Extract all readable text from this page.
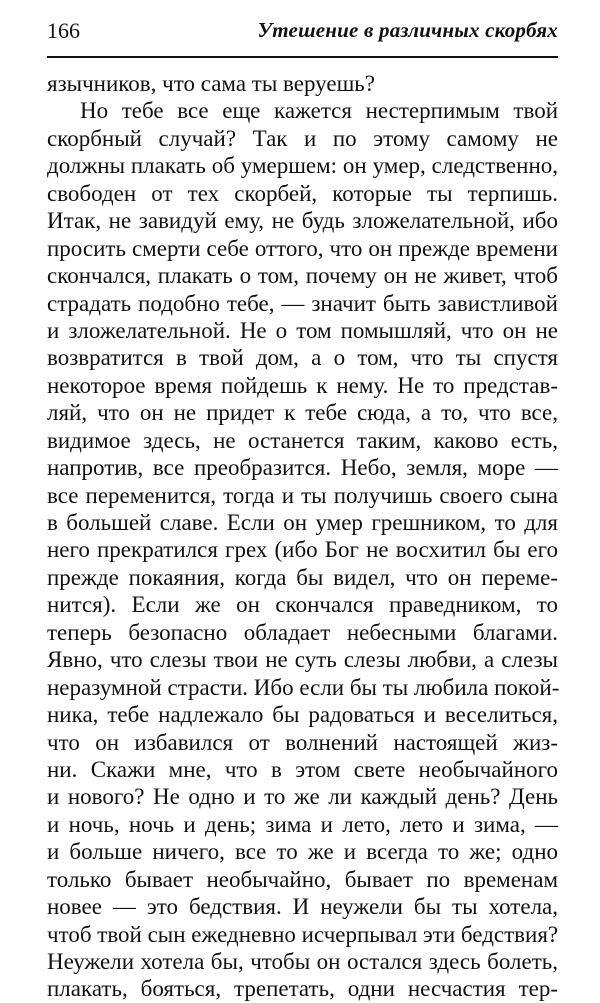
166	Утешение в различных скорбях
язычников, что сама ты веруешь?
Но тебе все еще кажется нестерпимым твой
скорбный случай? Так и по этому самому не
должны плакать об умершем: он умер, следственно,
свободен от тех скорбей, которые ты терпишь.
Итак, не завидуй ему, не будь зложелательной, ибо
просить смерти себе оттого, что он прежде времени
скончался, плакать о том, почему он не живет, чтоб
страдать подобно тебе, — значит быть завистливой
и зложелательной. Не о том помышляй, что он не
возвратится в твой дом, а о том, что ты спустя
некоторое время пойдешь к нему. Не то представ-
ляй, что он не придет к тебе сюда, а то, что все,
видимое здесь, не останется таким, каково есть,
напротив, все преобразится. Небо, земля, море —
все переменится, тогда и ты получишь своего сына
в большей славе. Если он умер грешником, то для
него прекратился грех (ибо Бог не восхитил бы его
прежде покаяния, когда бы видел, что он переме-
нится). Если же он скончался праведником, то
теперь безопасно обладает небесными благами.
Явно, что слезы твои не суть слезы любви, а слезы
неразумной страсти. Ибо если бы ты любила покой-
ника, тебе надлежало бы радоваться и веселиться,
что он избавился от волнений настоящей жиз-
ни. Скажи мне, что в этом свете необычайного
и нового? Не одно и то же ли каждый день? День
и ночь, ночь и день; зима и лето, лето и зима, —
и больше ничего, все то же и всегда то же; одно
только бывает необычайно, бывает по временам
новее — это бедствия. И неужели бы ты хотела,
чтоб твой сын ежедневно исчерпывал эти бедствия?
Неужели хотела бы, чтобы он остался здесь болеть,
плакать, бояться, трепетать, одни несчастия тер-
